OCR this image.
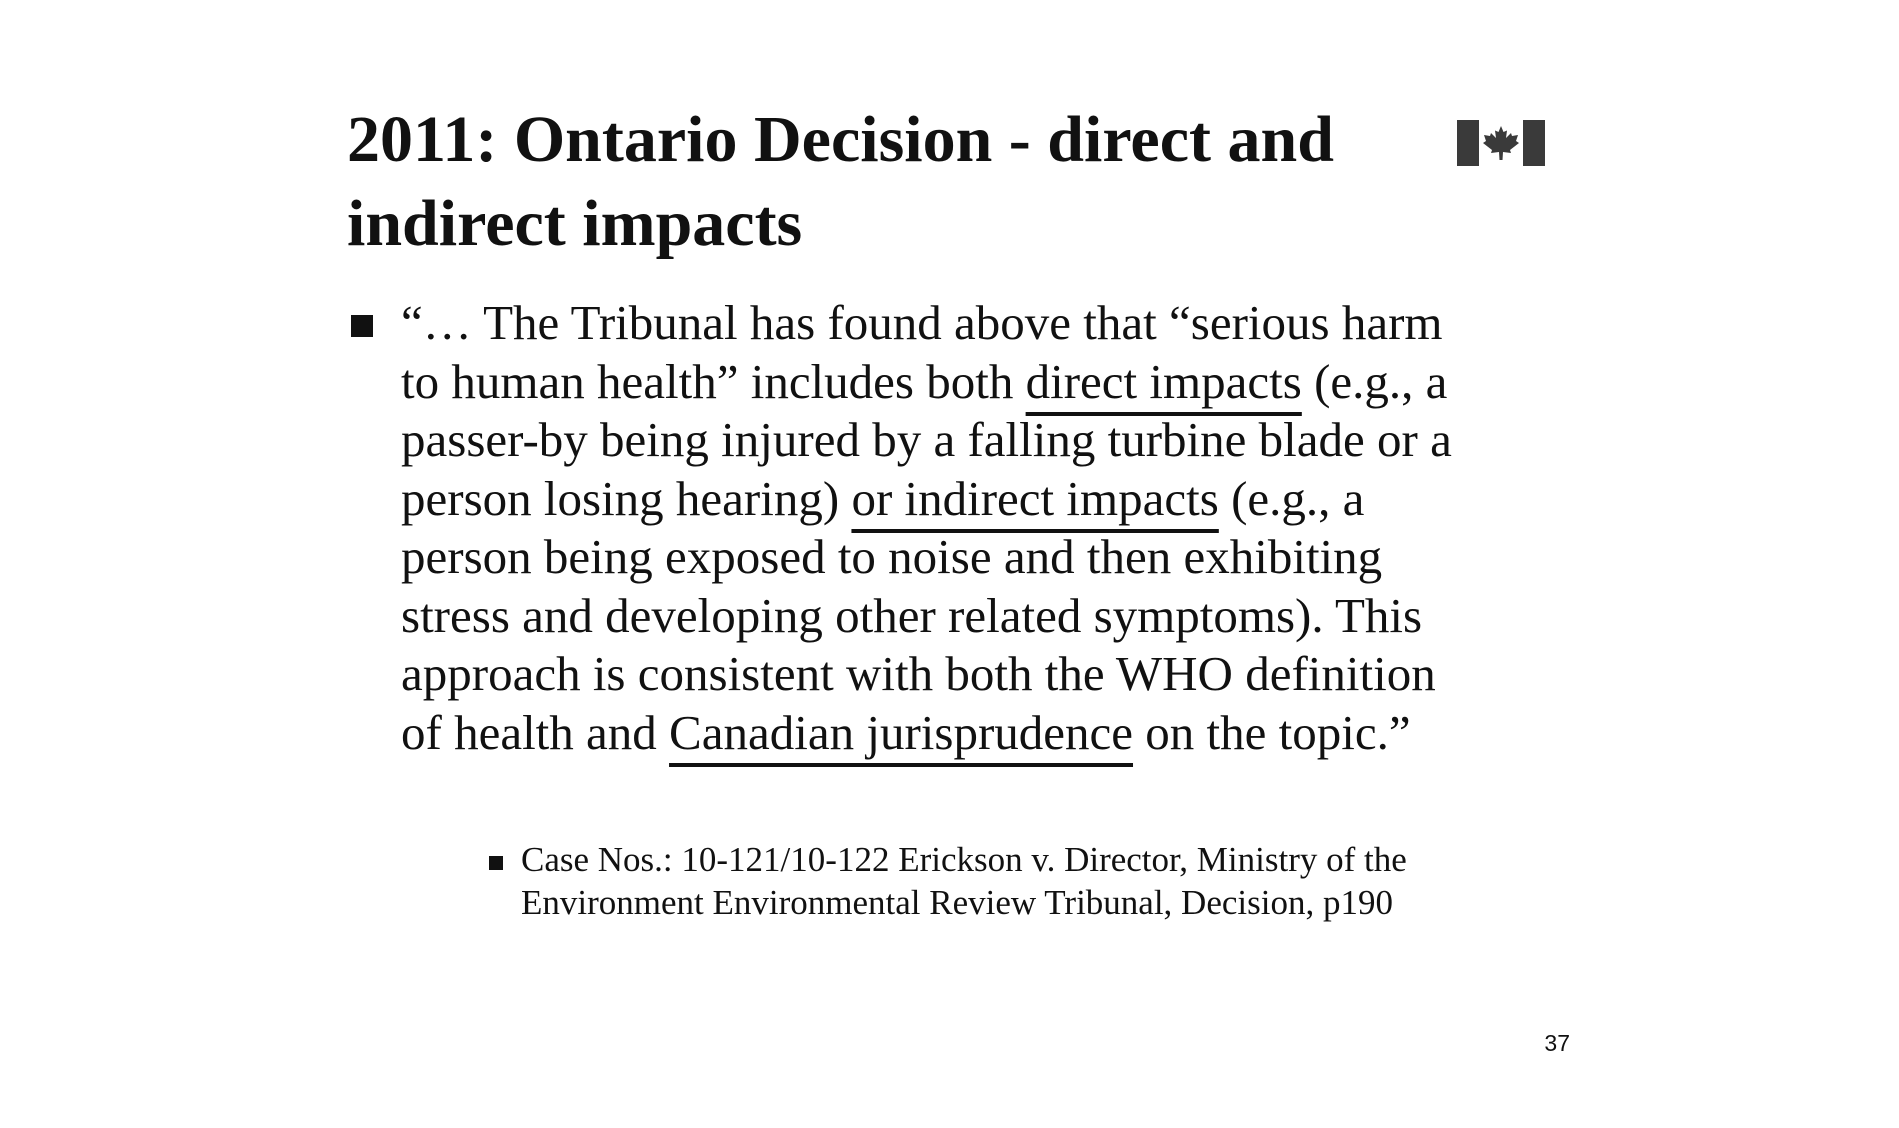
2011: Ontario Decision - direct and
indirect impacts
“… The Tribunal has found above that “serious harm
to human health” includes both direct impacts (e.g., a
passer-by being injured by a falling turbine blade or a
person losing hearing) or indirect impacts (e.g., a
person being exposed to noise and then exhibiting
stress and developing other related symptoms). This
approach is consistent with both the WHO definition
of health and Canadian jurisprudence on the topic.”
Case Nos.: 10-121/10-122 Erickson v. Director, Ministry of the
Environment Environmental Review Tribunal, Decision, p190
37
